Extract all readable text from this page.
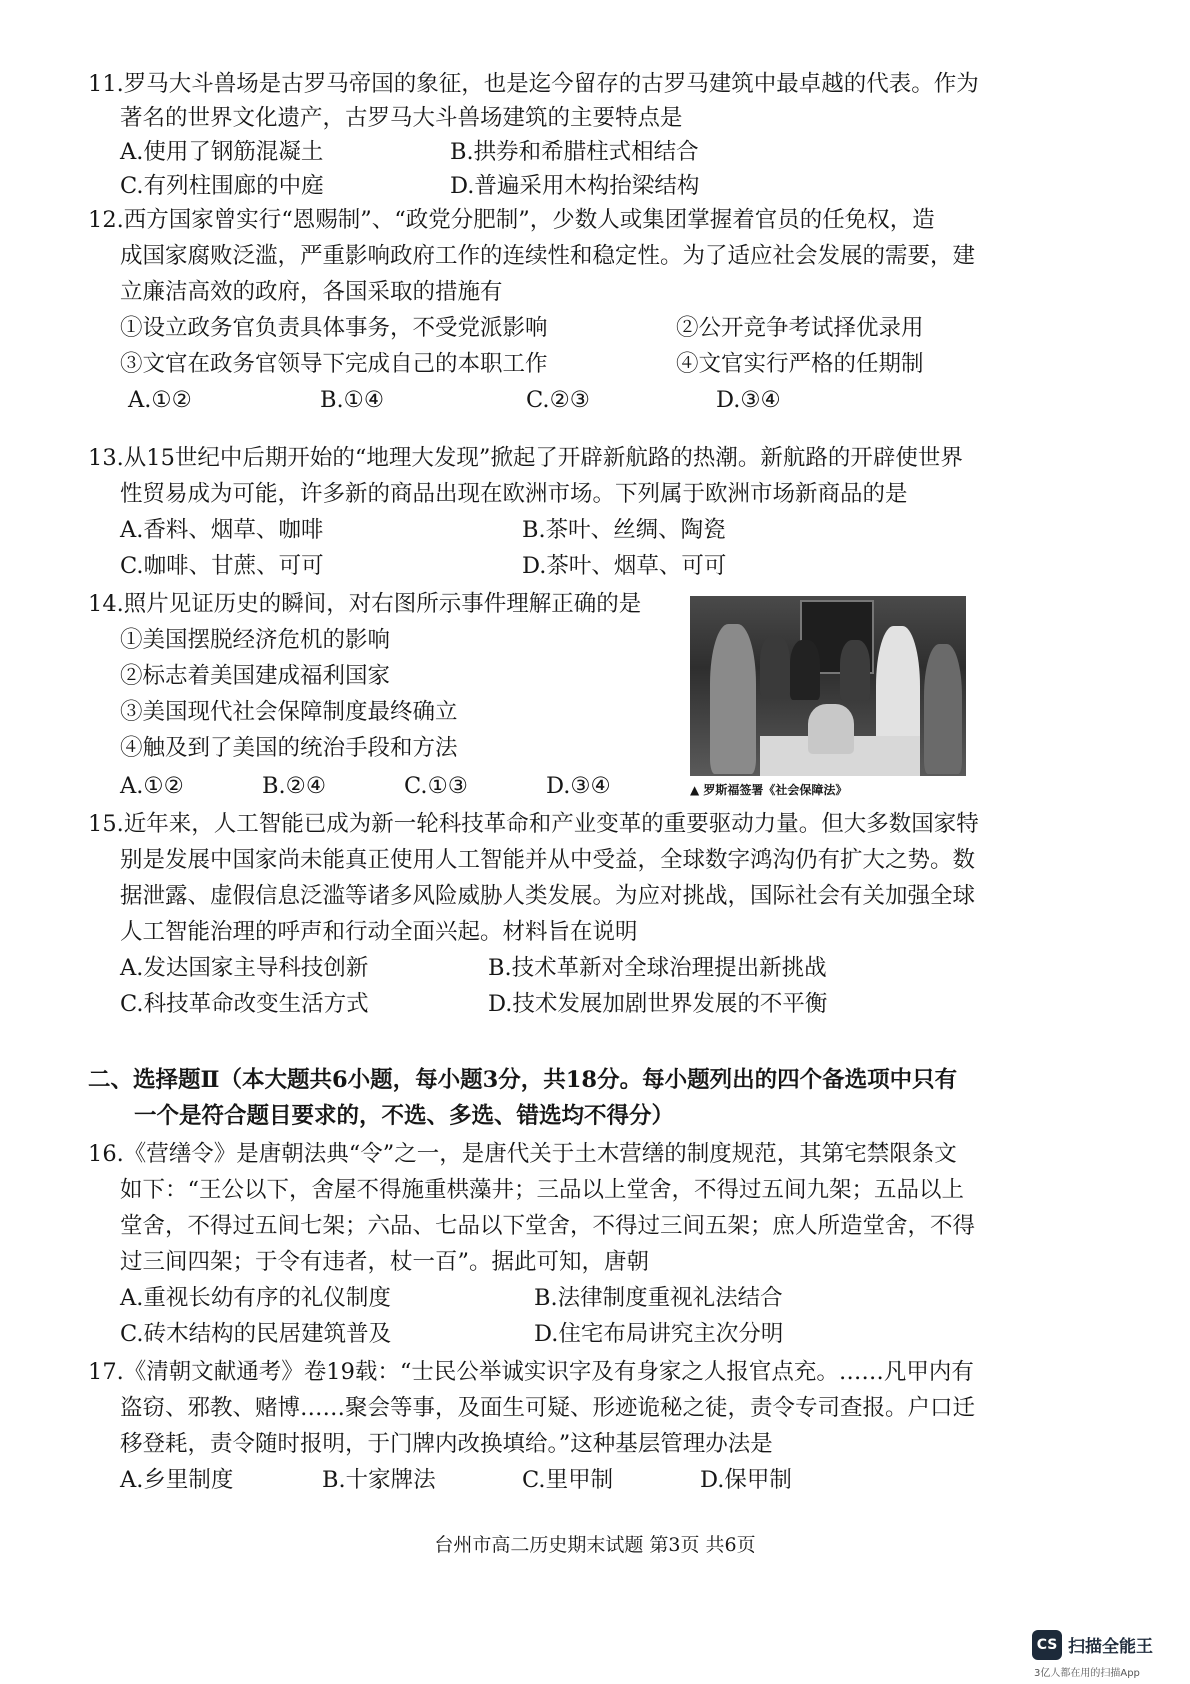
11.罗马大斗兽场是古罗马帝国的象征，也是迄今留存的古罗马建筑中最卓越的代表。作为
著名的世界文化遗产，古罗马大斗兽场建筑的主要特点是
A.使用了钢筋混凝土	B.拱券和希腊柱式相结合
C.有列柱围廊的中庭	D.普遍采用木构抬梁结构
12.西方国家曾实行“恩赐制”、“政党分肥制”，少数人或集团掌握着官员的任免权，造
成国家腐败泛滥，严重影响政府工作的连续性和稳定性。为了适应社会发展的需要，建
立廉洁高效的政府，各国采取的措施有
①设立政务官负责具体事务，不受党派影响	②公开竞争考试择优录用
③文官在政务官领导下完成自己的本职工作	④文官实行严格的任期制
A.①②	B.①④	C.②③	D.③④
13.从15世纪中后期开始的“地理大发现”掀起了开辟新航路的热潮。新航路的开辟使世界
性贸易成为可能，许多新的商品出现在欧洲市场。下列属于欧洲市场新商品的是
A.香料、烟草、咖啡	B.茶叶、丝绸、陶瓷
C.咖啡、甘蔗、可可	D.茶叶、烟草、可可
14.照片见证历史的瞬间，对右图所示事件理解正确的是
①美国摆脱经济危机的影响
②标志着美国建成福利国家
③美国现代社会保障制度最终确立
④触及到了美国的统治手段和方法
A.①②	B.②④	C.①③	D.③④	▲ 罗斯福签署《社会保障法》
15.近年来，人工智能已成为新一轮科技革命和产业变革的重要驱动力量。但大多数国家特
别是发展中国家尚未能真正使用人工智能并从中受益，全球数字鸿沟仍有扩大之势。数
据泄露、虚假信息泛滥等诸多风险威胁人类发展。为应对挑战，国际社会有关加强全球
人工智能治理的呼声和行动全面兴起。材料旨在说明
A.发达国家主导科技创新	B.技术革新对全球治理提出新挑战
C.科技革命改变生活方式	D.技术发展加剧世界发展的不平衡
二、选择题Ⅱ（本大题共6小题，每小题3分，共18分。每小题列出的四个备选项中只有
一个是符合题目要求的，不选、多选、错选均不得分）
16.《营缮令》是唐朝法典“令”之一，是唐代关于土木营缮的制度规范，其第宅禁限条文
如下：“王公以下，舍屋不得施重栱藻井；三品以上堂舍，不得过五间九架；五品以上
堂舍，不得过五间七架；六品、七品以下堂舍，不得过三间五架；庶人所造堂舍，不得
过三间四架；于令有违者，杖一百”。据此可知，唐朝
A.重视长幼有序的礼仪制度	B.法律制度重视礼法结合
C.砖木结构的民居建筑普及	D.住宅布局讲究主次分明
17.《清朝文献通考》卷19载：“士民公举诚实识字及有身家之人报官点充。……凡甲内有
盗窃、邪教、赌博……聚会等事，及面生可疑、形迹诡秘之徒，责令专司查报。户口迁
移登耗，责令随时报明，于门牌内改换填给。”这种基层管理办法是
A.乡里制度	B.十家牌法	C.里甲制	D.保甲制
台州市高二历史期末试题 第3页 共6页
CS 扫描全能王
3亿人都在用的扫描App
